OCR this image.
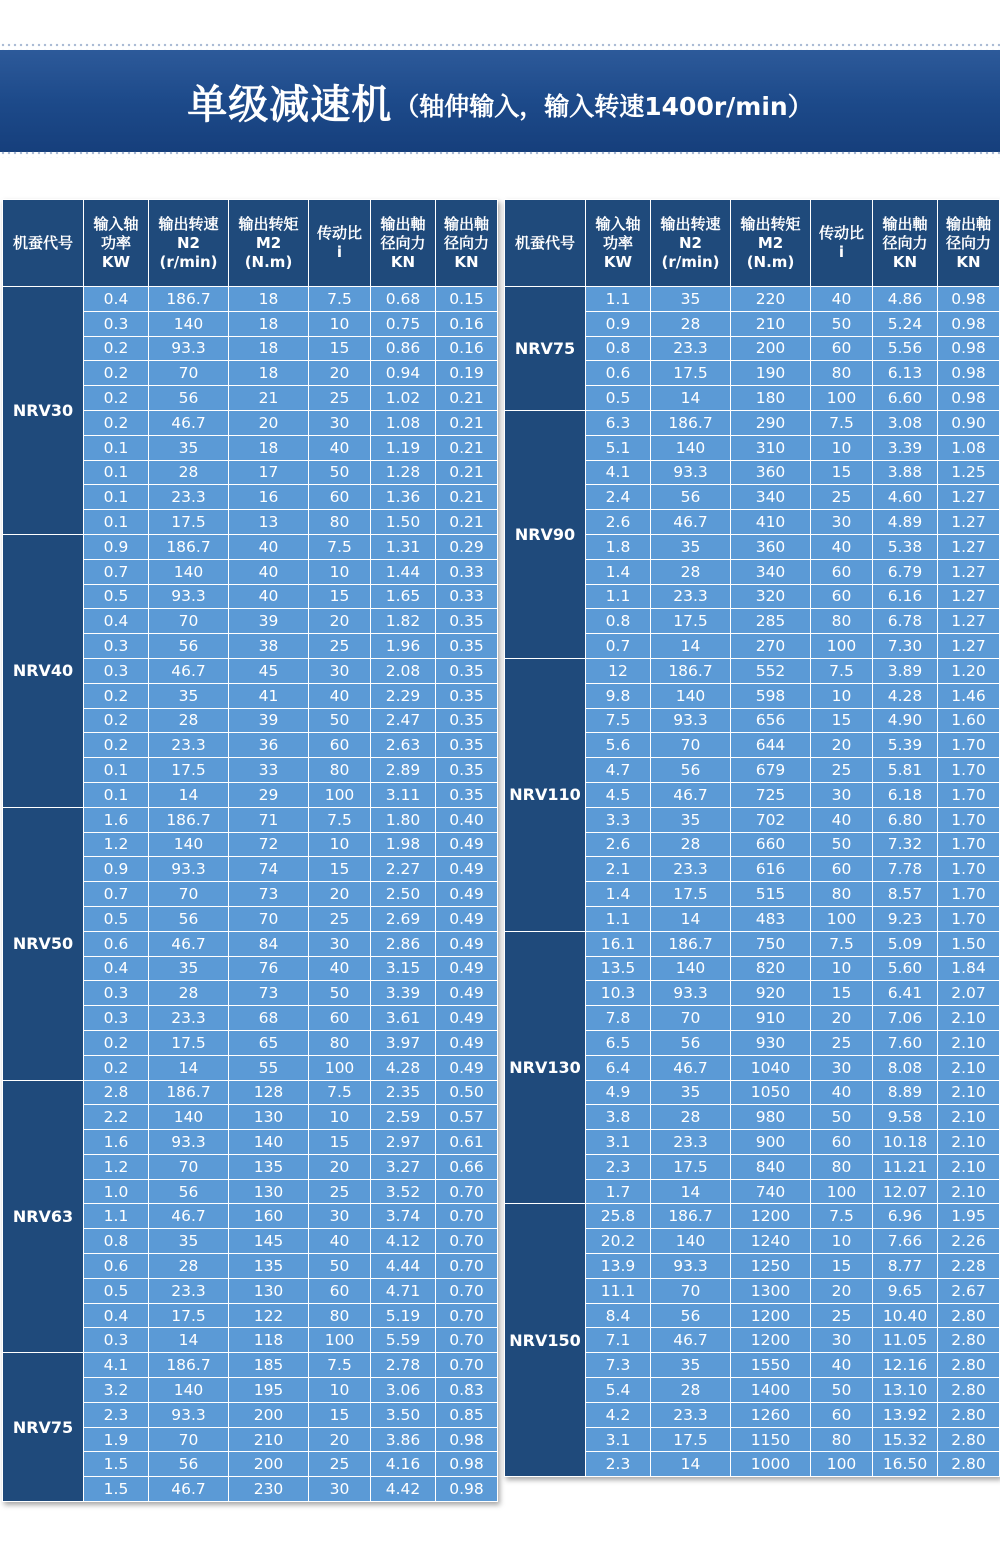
单级减速机 （轴伸输入，输入转速1400r/min）
机蚕代号	输入轴
功率
KW	输出转速
N2
(r/min)	输出转矩
M2
(N.m)	传动比
i	输出軸
径向力
KN	输出軸
径向力
KN
NRV30	0.4	186.7	18	7.5	0.68	0.15
	0.3	140	18	10	0.75	0.16
	0.2	93.3	18	15	0.86	0.16
	0.2	70	18	20	0.94	0.19
	0.2	56	21	25	1.02	0.21
	0.2	46.7	20	30	1.08	0.21
	0.1	35	18	40	1.19	0.21
	0.1	28	17	50	1.28	0.21
	0.1	23.3	16	60	1.36	0.21
	0.1	17.5	13	80	1.50	0.21
NRV40	0.9	186.7	40	7.5	1.31	0.29
	0.7	140	40	10	1.44	0.33
	0.5	93.3	40	15	1.65	0.33
	0.4	70	39	20	1.82	0.35
	0.3	56	38	25	1.96	0.35
	0.3	46.7	45	30	2.08	0.35
	0.2	35	41	40	2.29	0.35
	0.2	28	39	50	2.47	0.35
	0.2	23.3	36	60	2.63	0.35
	0.1	17.5	33	80	2.89	0.35
	0.1	14	29	100	3.11	0.35
NRV50	1.6	186.7	71	7.5	1.80	0.40
	1.2	140	72	10	1.98	0.49
	0.9	93.3	74	15	2.27	0.49
	0.7	70	73	20	2.50	0.49
	0.5	56	70	25	2.69	0.49
	0.6	46.7	84	30	2.86	0.49
	0.4	35	76	40	3.15	0.49
	0.3	28	73	50	3.39	0.49
	0.3	23.3	68	60	3.61	0.49
	0.2	17.5	65	80	3.97	0.49
	0.2	14	55	100	4.28	0.49
NRV63	2.8	186.7	128	7.5	2.35	0.50
	2.2	140	130	10	2.59	0.57
	1.6	93.3	140	15	2.97	0.61
	1.2	70	135	20	3.27	0.66
	1.0	56	130	25	3.52	0.70
	1.1	46.7	160	30	3.74	0.70
	0.8	35	145	40	4.12	0.70
	0.6	28	135	50	4.44	0.70
	0.5	23.3	130	60	4.71	0.70
	0.4	17.5	122	80	5.19	0.70
	0.3	14	118	100	5.59	0.70
NRV75	4.1	186.7	185	7.5	2.78	0.70
	3.2	140	195	10	3.06	0.83
	2.3	93.3	200	15	3.50	0.85
	1.9	70	210	20	3.86	0.98
	1.5	56	200	25	4.16	0.98
	1.5	46.7	230	30	4.42	0.98
机蚕代号	输入轴
功率
KW	输出转速
N2
(r/min)	输出转矩
M2
(N.m)	传动比
i	输出軸
径向力
KN	输出軸
径向力
KN
NRV75	1.1	35	220	40	4.86	0.98
	0.9	28	210	50	5.24	0.98
	0.8	23.3	200	60	5.56	0.98
	0.6	17.5	190	80	6.13	0.98
	0.5	14	180	100	6.60	0.98
NRV90	6.3	186.7	290	7.5	3.08	0.90
	5.1	140	310	10	3.39	1.08
	4.1	93.3	360	15	3.88	1.25
	2.4	56	340	25	4.60	1.27
	2.6	46.7	410	30	4.89	1.27
	1.8	35	360	40	5.38	1.27
	1.4	28	340	60	6.79	1.27
	1.1	23.3	320	60	6.16	1.27
	0.8	17.5	285	80	6.78	1.27
	0.7	14	270	100	7.30	1.27
NRV110	12	186.7	552	7.5	3.89	1.20
	9.8	140	598	10	4.28	1.46
	7.5	93.3	656	15	4.90	1.60
	5.6	70	644	20	5.39	1.70
	4.7	56	679	25	5.81	1.70
	4.5	46.7	725	30	6.18	1.70
	3.3	35	702	40	6.80	1.70
	2.6	28	660	50	7.32	1.70
	2.1	23.3	616	60	7.78	1.70
	1.4	17.5	515	80	8.57	1.70
	1.1	14	483	100	9.23	1.70
NRV130	16.1	186.7	750	7.5	5.09	1.50
	13.5	140	820	10	5.60	1.84
	10.3	93.3	920	15	6.41	2.07
	7.8	70	910	20	7.06	2.10
	6.5	56	930	25	7.60	2.10
	6.4	46.7	1040	30	8.08	2.10
	4.9	35	1050	40	8.89	2.10
	3.8	28	980	50	9.58	2.10
	3.1	23.3	900	60	10.18	2.10
	2.3	17.5	840	80	11.21	2.10
	1.7	14	740	100	12.07	2.10
NRV150	25.8	186.7	1200	7.5	6.96	1.95
	20.2	140	1240	10	7.66	2.26
	13.9	93.3	1250	15	8.77	2.28
	11.1	70	1300	20	9.65	2.67
	8.4	56	1200	25	10.40	2.80
	7.1	46.7	1200	30	11.05	2.80
	7.3	35	1550	40	12.16	2.80
	5.4	28	1400	50	13.10	2.80
	4.2	23.3	1260	60	13.92	2.80
	3.1	17.5	1150	80	15.32	2.80
	2.3	14	1000	100	16.50	2.80
